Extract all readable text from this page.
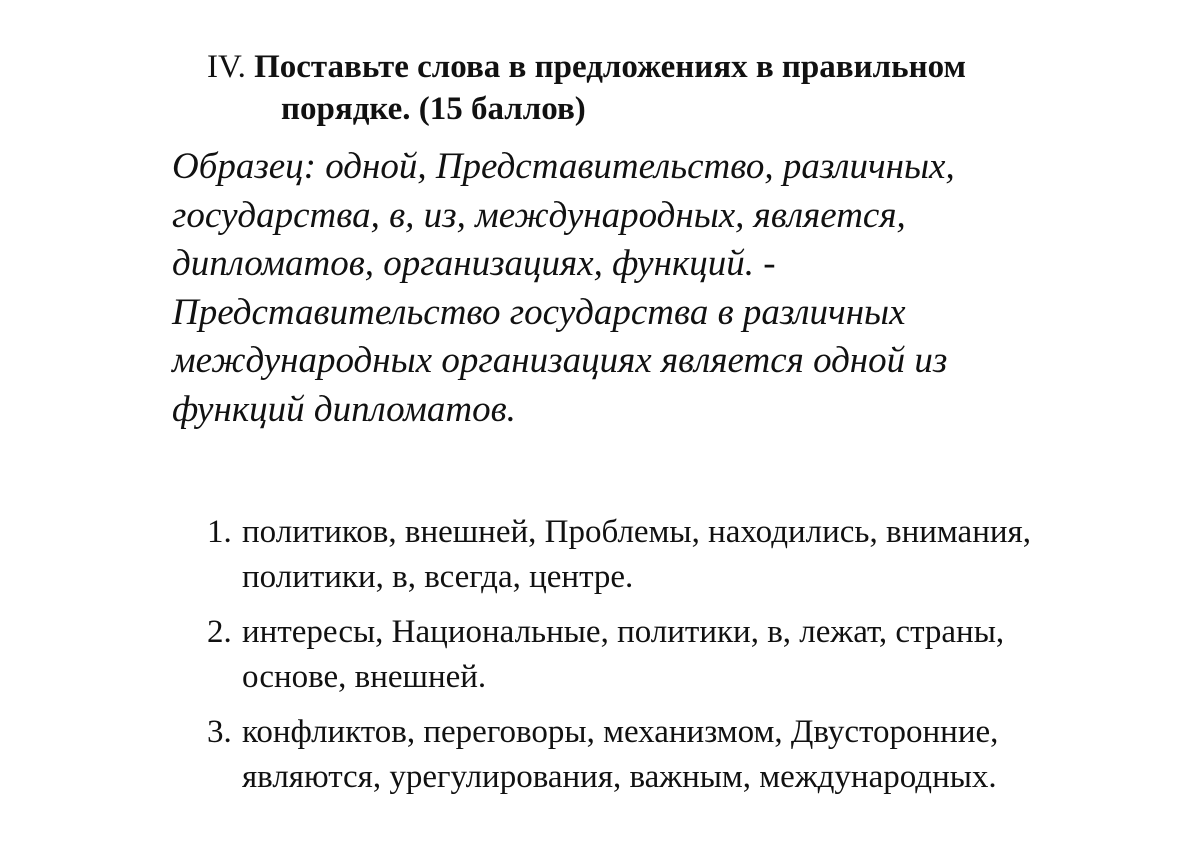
IV. Поставьте слова в предложениях в правильном
порядке. (15 баллов)
Образец: одной, Представительство, различных,
государства, в, из, международных, является,
дипломатов, организациях, функций. -
Представительство государства в различных
международных организациях является одной из
функций дипломатов.
1. политиков, внешней, Проблемы, находились, внимания,
политики, в, всегда, центре.
2. интересы, Национальные, политики, в, лежат, страны,
основе, внешней.
3. конфликтов, переговоры, механизмом, Двусторонние,
являются, урегулирования, важным, международных.
